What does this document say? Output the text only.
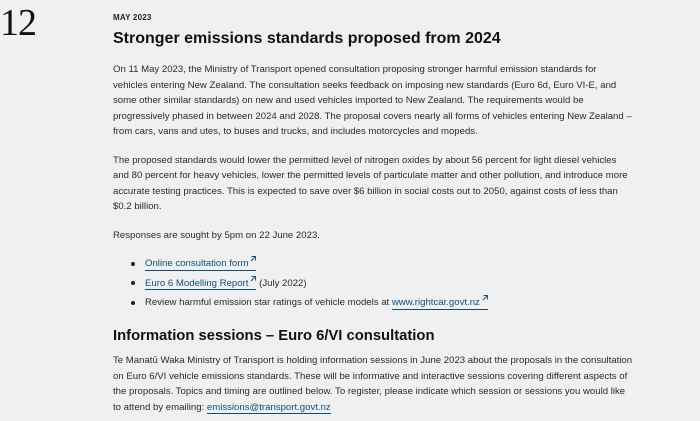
12	MAY 2023
Stronger emissions standards proposed from 2024

On 11 May 2023, the Ministry of Transport opened consultation proposing stronger harmful emission standards for vehicles entering New Zealand. The consultation seeks feedback on imposing new standards (Euro 6d, Euro VI-E, and some other similar standards) on new and used vehicles imported to New Zealand. The requirements would be progressively phased in between 2024 and 2028. The proposal covers nearly all forms of vehicles entering New Zealand – from cars, vans and utes, to buses and trucks, and includes motorcycles and mopeds.

The proposed standards would lower the permitted level of nitrogen oxides by about 56 percent for light diesel vehicles and 80 percent for heavy vehicles, lower the permitted levels of particulate matter and other pollution, and introduce more accurate testing practices. This is expected to save over $6 billion in social costs out to 2050, against costs of less than $0.2 billion.

Responses are sought by 5pm on 22 June 2023.

Online consultation form
Euro 6 Modelling Report
(July 2022)
Review harmful emission star ratings of vehicle models at www.rightcar.govt.nz
Information sessions – Euro 6/VI consultation

Te Manatū Waka Ministry of Transport is holding information sessions in June 2023 about the proposals in the consultation on Euro 6/VI vehicle emissions standards. These will be informative and interactive sessions covering different aspects of the proposals. Topics and timing are outlined below. To register, please indicate which session or sessions you would like to attend by emailing: emissions@transport.govt.nz
